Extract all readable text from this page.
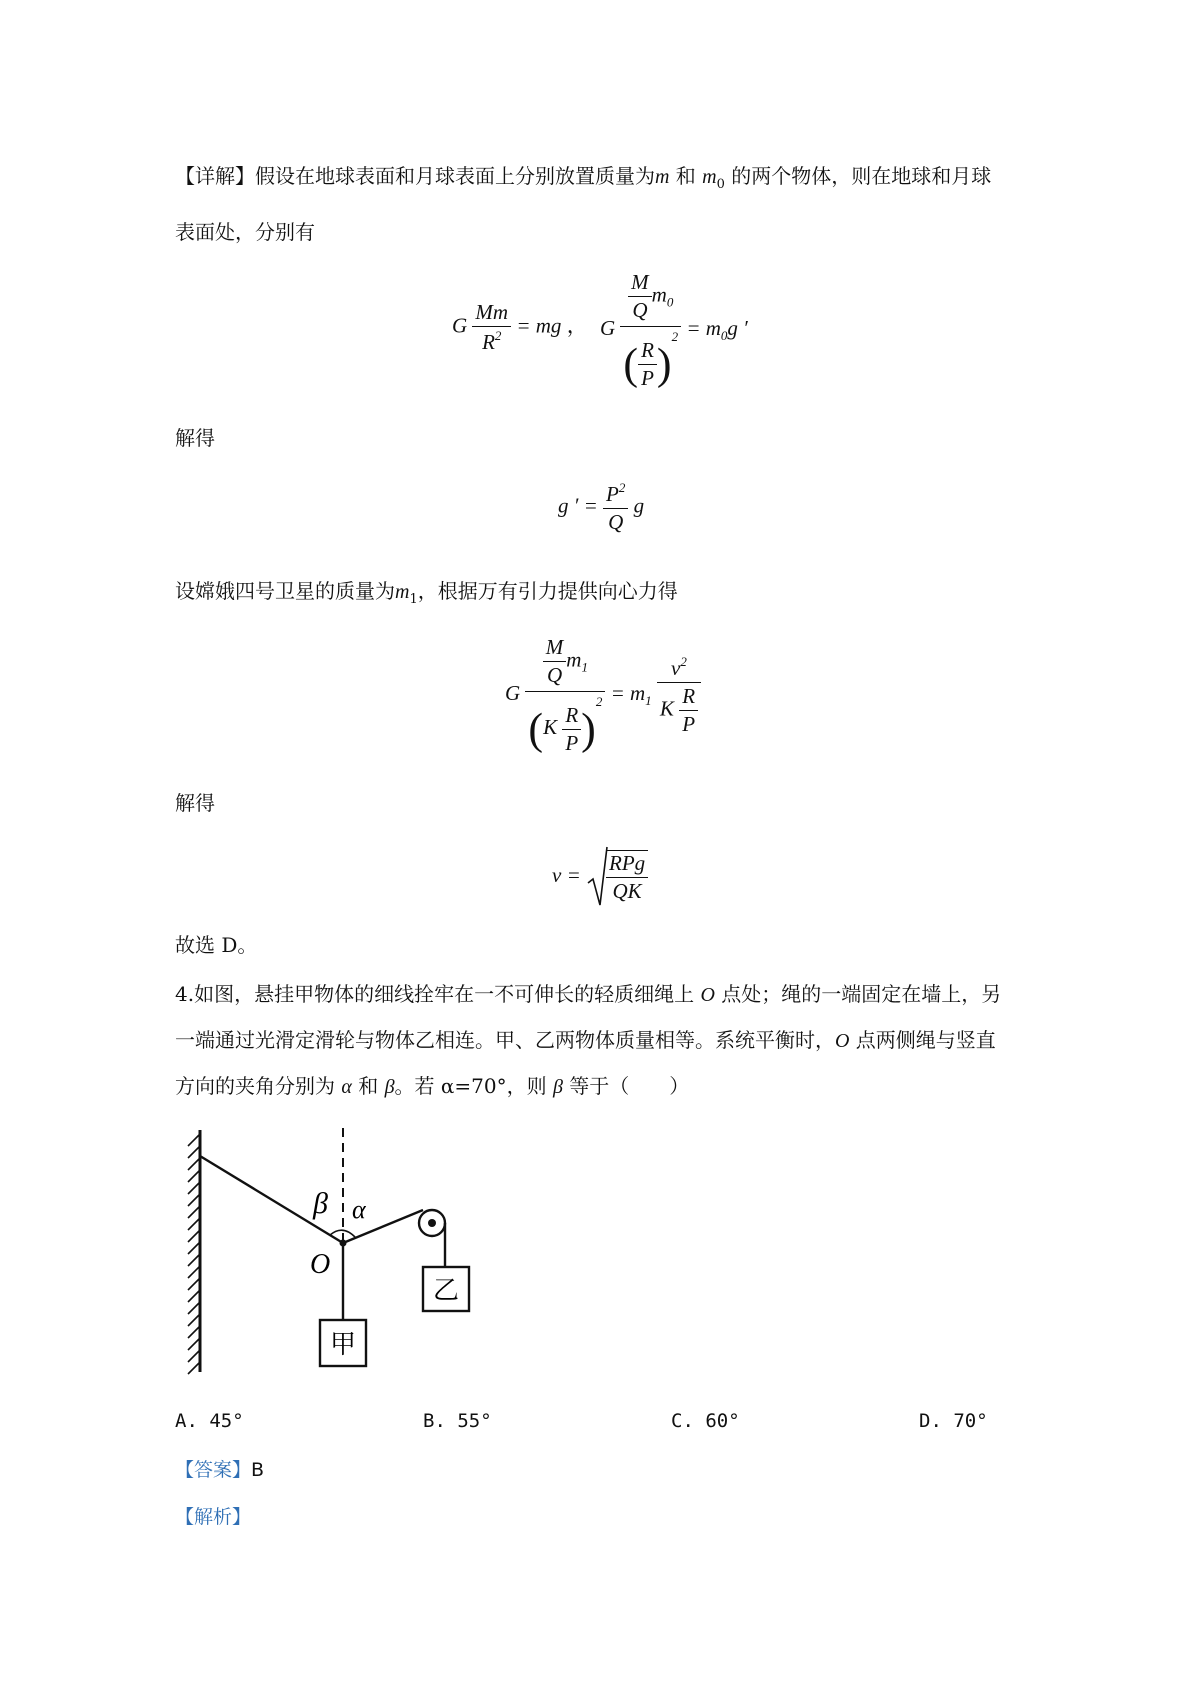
【详解】假设在地球表面和月球表面上分别放置质量为m 和 $m_0$ 的两个物体，则在地球和月球
表面处，分别有
G $\frac{Mm}{R^2}$ = mg ， G $\frac{\frac{M}{Q} m_0}{( \frac{R}{P} )^2} = m_0g$ ′
解得
g ′ = $\frac{P^2}{Q}$ g
设嫦娥四号卫星的质量为$m_1$，根据万有引力提供向心力得
G $\frac{\frac{M}{Q} m_1}{(K \frac{R}{P} )^2} = m_1 \frac{v^2}{K \frac{R}{P}}$
解得
$v = \frac{\text{RPg}}{QK}$
故选 D。
4.如图，悬挂甲物体的细线拴牢在一不可伸长的轻质细绳上 O 点处；绳的一端固定在墙上，另
一端通过光滑定滑轮与物体乙相连。甲、乙两物体质量相等。系统平衡时，O 点两侧绳与竖直
方向的夹角分别为 α 和 β。若 α=70°，则 β 等于（　　）
β α
O
甲
乙
A. 45°	B. 55°	C. 60°	D. 70°
【答案】B
【解析】
